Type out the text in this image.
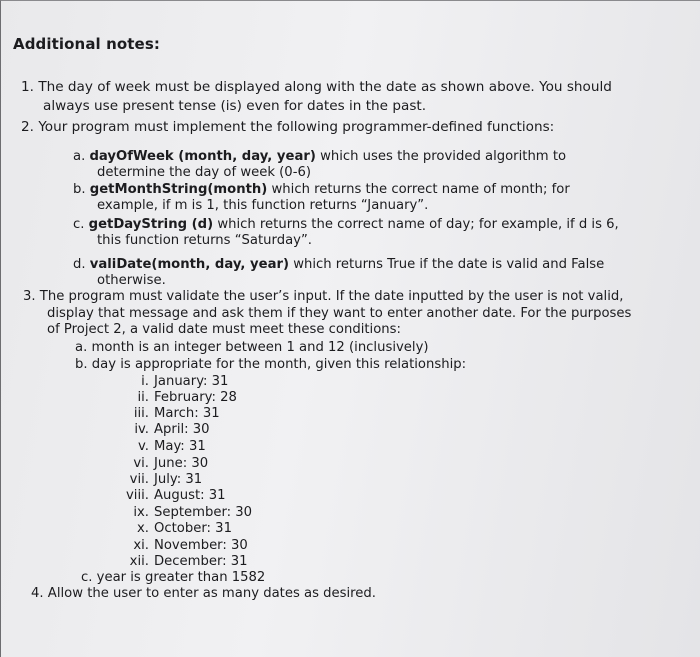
Additional notes:
1. The day of week must be displayed along with the date as shown above. You should
always use present tense (is) even for dates in the past.
2. Your program must implement the following programmer-defined functions:
a. dayOfWeek (month, day, year) which uses the provided algorithm to
determine the day of week (0-6)
b. getMonthString(month) which returns the correct name of month; for
example, if m is 1, this function returns “January”.
c. getDayString (d) which returns the correct name of day; for example, if d is 6,
this function returns “Saturday”.
d. valiDate(month, day, year) which returns True if the date is valid and False
otherwise.
3. The program must validate the user’s input. If the date inputted by the user is not valid,
display that message and ask them if they want to enter another date. For the purposes
of Project 2, a valid date must meet these conditions:
a. month is an integer between 1 and 12 (inclusively)
b. day is appropriate for the month, given this relationship:
i. January: 31
ii. February: 28
iii. March: 31
iv. April: 30
v. May: 31
vi. June: 30
vii. July: 31
viii. August: 31
ix. September: 30
x. October: 31
xi. November: 30
xii. December: 31
c. year is greater than 1582
4. Allow the user to enter as many dates as desired.
